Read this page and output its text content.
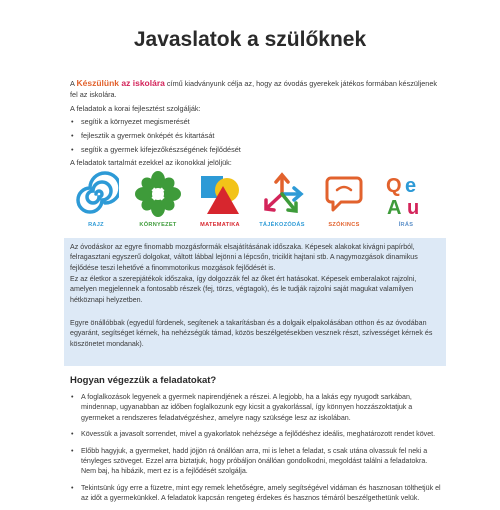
Javaslatok a szülőknek

A Készülünk az iskolára című kiadványunk célja az, hogy az óvodás gyerekek játékos formában készüljenek fel az iskolára.

A feladatok a korai fejlesztést szolgálják:

• segítik a környezet megismerését
• fejlesztik a gyermek önképét és kitartását
• segítik a gyermek kifejezőkészségének fejlődését

A feladatok tartalmát ezekkel az ikonokkal jelöljük:

RAJZ	KÖRNYEZET	MATEMATIKA	TÁJÉKOZÓDÁS	SZÓKINCS
Q e
A u
ÍRÁS

Az óvodáskor az egyre finomabb mozgásformák elsajátításának időszaka. Képesek alakokat kivágni papírból, felragasztani egyszerű dolgokat, váltott lábbal lejönni a lépcsőn, triciklit hajtani stb. A nagymozgások dinamikus fejlődése teszi lehetővé a finommotorikus mozgások fejlődését is.

Ez az életkor a szerepjátékok időszaka, így dolgozzák fel az őket ért hatásokat. Képesek emberalakot rajzolni, amelyen megjelennek a fontosabb részek (fej, törzs, végtagok), és le tudják rajzolni saját magukat valamilyen hétköznapi helyzetben.

Egyre önállóbbak (egyedül fürdenek, segítenek a takarításban és a dolgaik elpakolásában otthon és az óvodában egyaránt, segítséget kérnek, ha nehézségük támad, közös beszélgetésekben vesznek részt, szívességet kérnek és köszönetet mondanak).

Hogyan végezzük a feladatokat?
• A foglalkozások legyenek a gyermek napirendjének a részei. A legjobb, ha a lakás egy nyugodt sarkában, mindennap, ugyanabban az időben foglalkozunk egy kicsit a gyakorlással, így könnyen hozzászoktatjuk a gyermeket a rendszeres feladatvégzéshez, amelyre nagy szüksége lesz az iskolában.
• Kövessük a javasolt sorrendet, mivel a gyakorlatok nehézsége a fejlődéshez ideális, meghatározott rendet követ.
• Előbb hagyjuk, a gyermeket, hadd jöjjön rá önállóan arra, mi is lehet a feladat, s csak utána olvassuk fel neki a tényleges szöveget. Ezzel arra biztatjuk, hogy próbáljon önállóan gondolkodni, megoldást találni a feladatokra. Nem baj, ha hibázik, mert ez is a fejlődését szolgálja.
• Tekintsünk úgy erre a füzetre, mint egy remek lehetőségre, amely segítségével vidáman és hasznosan tölthetjük el az időt a gyermekünkkel. A feladatok kapcsán rengeteg érdekes és hasznos témáról beszélgethetünk velük.
